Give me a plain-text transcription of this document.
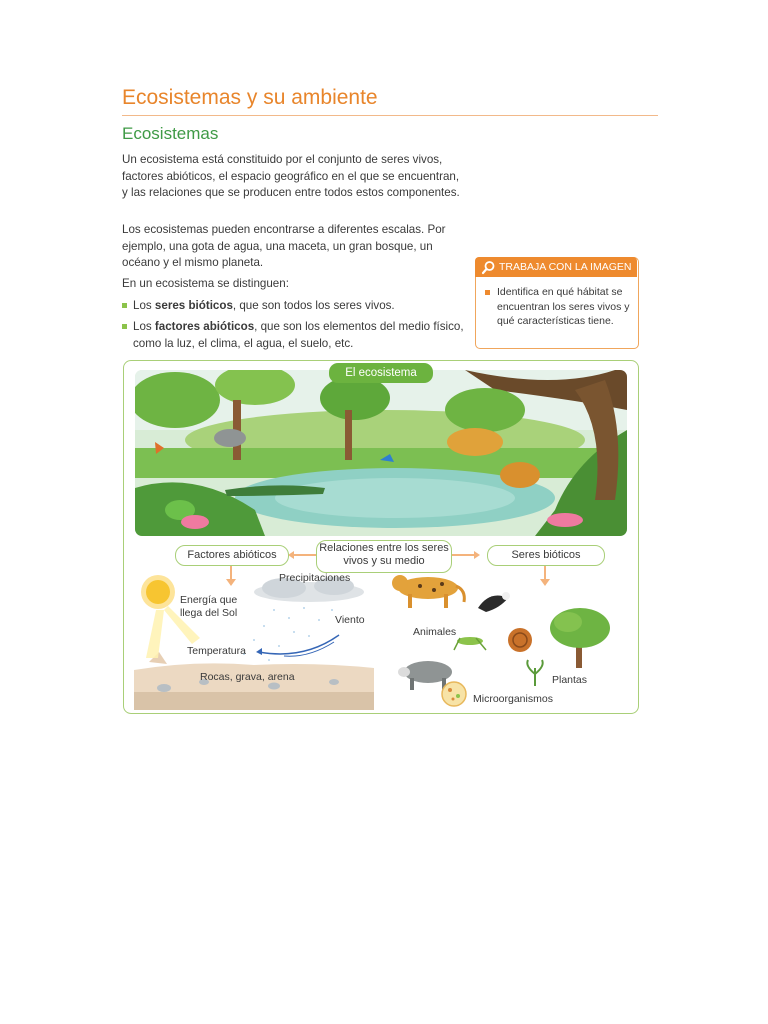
Ecosistemas y su ambiente
Ecosistemas
Un ecosistema está constituido por el conjunto de seres vivos, factores abióticos, el espacio geográfico en el que se encuentran, y las relaciones que se producen entre todos estos componentes.
Los ecosistemas pueden encontrarse a diferentes escalas. Por ejemplo, una gota de agua, una maceta, un gran bosque, un océano y el mismo planeta.
En un ecosistema se distinguen:
Los seres bióticos, que son todos los seres vivos.
Los factores abióticos, que son los elementos del medio físico, como la luz, el clima, el agua, el suelo, etc.
TRABAJA CON LA IMAGEN
Identifica en qué hábitat se encuentran los seres vivos y qué características tiene.
El ecosistema
Factores abióticos
Relaciones entre los seres vivos y su medio	Seres bióticos
Precipitaciones
Energía que llega del Sol
Viento
Temperatura
Rocas, grava, arena
Animales
Plantas
Microorganismos
